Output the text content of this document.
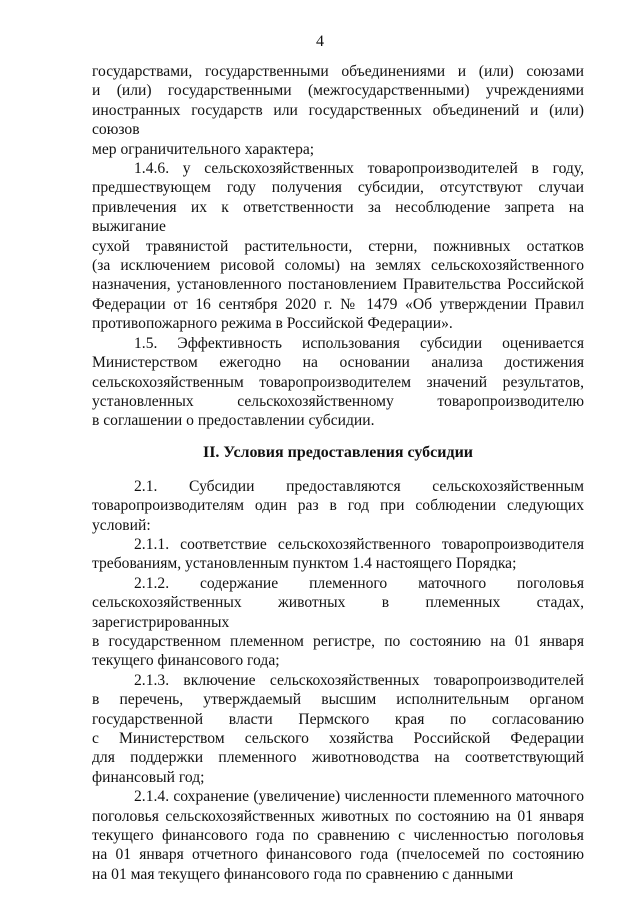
4
государствами, государственными объединениями и (или) союзами
и (или) государственными (межгосударственными) учреждениями
иностранных государств или государственных объединений и (или) союзов
мер ограничительного характера;
1.4.6. у сельскохозяйственных товаропроизводителей в году,
предшествующем году получения субсидии, отсутствуют случаи
привлечения их к ответственности за несоблюдение запрета на выжигание
сухой травянистой растительности, стерни, пожнивных остатков
(за исключением рисовой соломы) на землях сельскохозяйственного
назначения, установленного постановлением Правительства Российской
Федерации от 16 сентября 2020 г. № 1479 «Об утверждении Правил
противопожарного режима в Российской Федерации».
1.5. Эффективность использования субсидии оценивается
Министерством ежегодно на основании анализа достижения
сельскохозяйственным товаропроизводителем значений результатов,
установленных сельскохозяйственному товаропроизводителю
в соглашении о предоставлении субсидии.
II. Условия предоставления субсидии
2.1. Субсидии предоставляются сельскохозяйственным
товаропроизводителям один раз в год при соблюдении следующих
условий:
2.1.1. соответствие сельскохозяйственного товаропроизводителя
требованиям, установленным пунктом 1.4 настоящего Порядка;
2.1.2. содержание племенного маточного поголовья
сельскохозяйственных животных в племенных стадах, зарегистрированных
в государственном племенном регистре, по состоянию на 01 января
текущего финансового года;
2.1.3. включение сельскохозяйственных товаропроизводителей
в перечень, утверждаемый высшим исполнительным органом
государственной власти Пермского края по согласованию
с Министерством сельского хозяйства Российской Федерации
для поддержки племенного животноводства на соответствующий
финансовый год;
2.1.4. сохранение (увеличение) численности племенного маточного
поголовья сельскохозяйственных животных по состоянию на 01 января
текущего финансового года по сравнению с численностью поголовья
на 01 января отчетного финансового года (пчелосемей по состоянию
на 01 мая текущего финансового года по сравнению с данными
